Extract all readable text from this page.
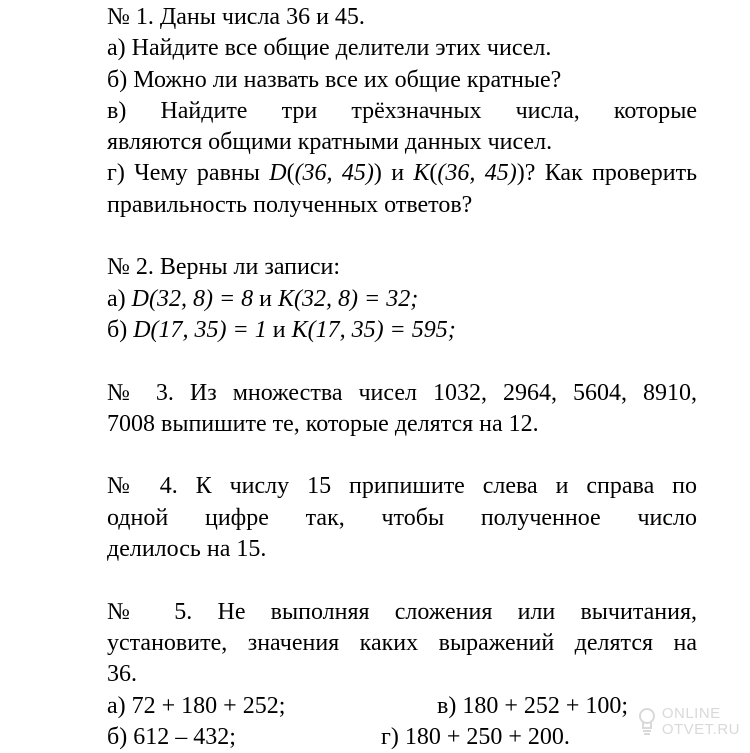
№ 1. Даны числа 36 и 45.
а) Найдите все общие делители этих чисел.
б) Можно ли назвать все их общие кратные?
в) Найдите три трёхзначных числа, которые
являются общими кратными данных чисел.
г) Чему равны D((36, 45)) и K((36, 45))? Как проверить
правильность полученных ответов?
№ 2. Верны ли записи:
а) D(32, 8) = 8 и K(32, 8) = 32;
б) D(17, 35) = 1 и K(17, 35) = 595;
№ 3. Из множества чисел 1032, 2964, 5604, 8910,
7008 выпишите те, которые делятся на 12.
№ 4. К числу 15 припишите слева и справа по
одной цифре так, чтобы полученное число
делилось на 15.
№ 5. Не выполняя сложения или вычитания,
установите, значения каких выражений делятся на
36.
а) 72 + 180 + 252;	в) 180 + 252 + 100;
б) 612 – 432;	г) 180 + 250 + 200.
ONLINE
OTVET.RU
